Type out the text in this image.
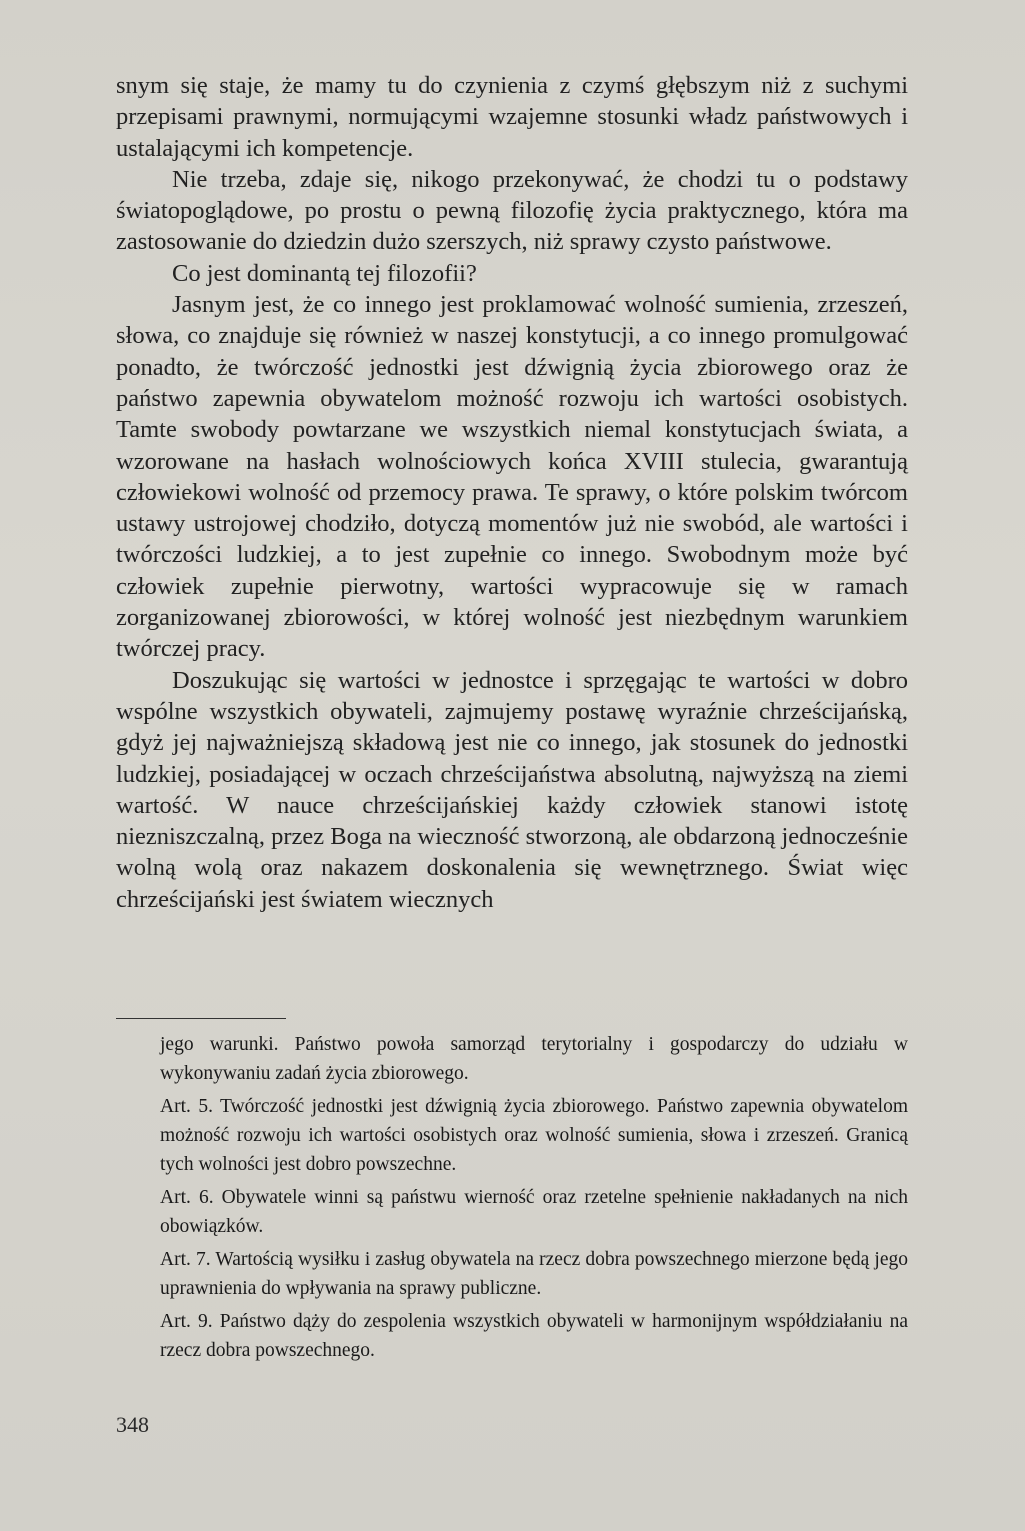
snym się staje, że mamy tu do czynienia z czymś głębszym niż z suchymi przepisami prawnymi, normującymi wzajemne stosunki władz państwowych i ustalającymi ich kompetencje.

Nie trzeba, zdaje się, nikogo przekonywać, że chodzi tu o podstawy światopoglądowe, po prostu o pewną filozofię życia praktycznego, która ma zastosowanie do dziedzin dużo szerszych, niż sprawy czysto państwowe.

Co jest dominantą tej filozofii?

Jasnym jest, że co innego jest proklamować wolność sumienia, zrzeszeń, słowa, co znajduje się również w naszej konstytucji, a co innego promulgować ponadto, że twórczość jednostki jest dźwignią życia zbiorowego oraz że państwo zapewnia obywatelom możność rozwoju ich wartości osobistych. Tamte swobody powtarzane we wszystkich niemal konstytucjach świata, a wzorowane na hasłach wolnościowych końca XVIII stulecia, gwarantują człowiekowi wolność od przemocy prawa. Te sprawy, o które polskim twórcom ustawy ustrojowej chodziło, dotyczą momentów już nie swobód, ale wartości i twórczości ludzkiej, a to jest zupełnie co innego. Swobodnym może być człowiek zupełnie pierwotny, wartości wypracowuje się w ramach zorganizowanej zbiorowości, w której wolność jest niezbędnym warunkiem twórczej pracy.

Doszukując się wartości w jednostce i sprzęgając te wartości w dobro wspólne wszystkich obywateli, zajmujemy postawę wyraźnie chrześcijańską, gdyż jej najważniejszą składową jest nie co innego, jak stosunek do jednostki ludzkiej, posiadającej w oczach chrześcijaństwa absolutną, najwyższą na ziemi wartość. W nauce chrześcijańskiej każdy człowiek stanowi istotę niezniszczalną, przez Boga na wieczność stworzoną, ale obdarzoną jednocześnie wolną wolą oraz nakazem doskonalenia się wewnętrznego. Świat więc chrześcijański jest światem wiecznych

jego warunki. Państwo powoła samorząd terytorialny i gospodarczy do udziału w wykonywaniu zadań życia zbiorowego.

Art. 5. Twórczość jednostki jest dźwignią życia zbiorowego. Państwo zapewnia obywatelom możność rozwoju ich wartości osobistych oraz wolność sumienia, słowa i zrzeszeń. Granicą tych wolności jest dobro powszechne.

Art. 6. Obywatele winni są państwu wierność oraz rzetelne spełnienie nakładanych na nich obowiązków.

Art. 7. Wartością wysiłku i zasług obywatela na rzecz dobra powszechnego mierzone będą jego uprawnienia do wpływania na sprawy publiczne.

Art. 9. Państwo dąży do zespolenia wszystkich obywateli w harmonijnym współdziałaniu na rzecz dobra powszechnego.

348
